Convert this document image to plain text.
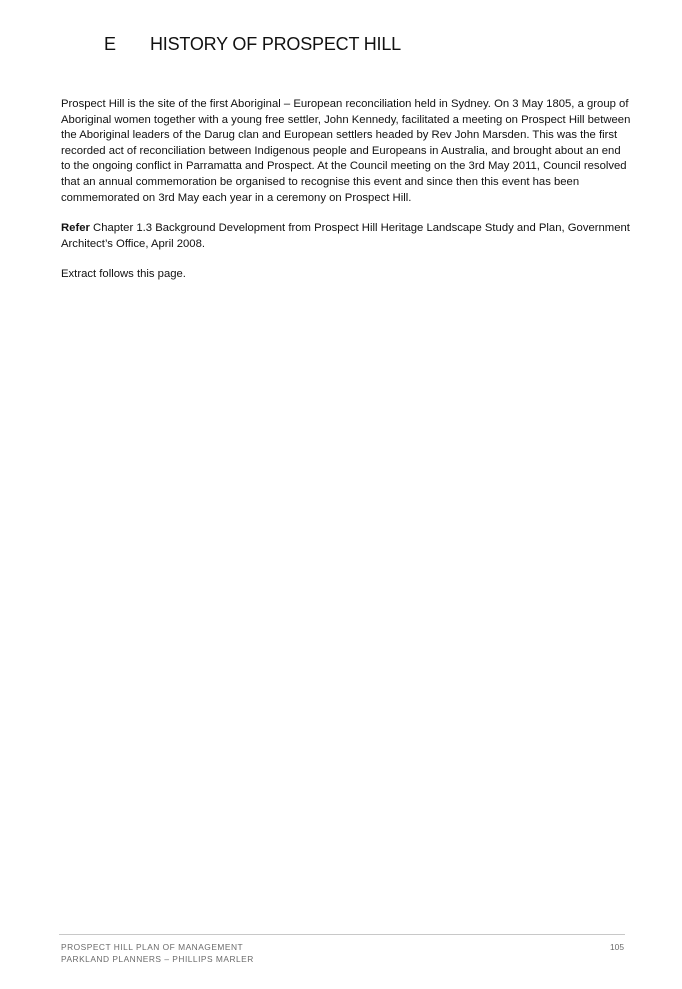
E HISTORY OF PROSPECT HILL

Prospect Hill is the site of the first Aboriginal – European reconciliation held in Sydney. On 3 May 1805, a group of Aboriginal women together with a young free settler, John Kennedy, facilitated a meeting on Prospect Hill between the Aboriginal leaders of the Darug clan and European settlers headed by Rev John Marsden. This was the first recorded act of reconciliation between Indigenous people and Europeans in Australia, and brought about an end to the ongoing conflict in Parramatta and Prospect. At the Council meeting on the 3rd May 2011, Council resolved that an annual commemoration be organised to recognise this event and since then this event has been commemorated on 3rd May each year in a ceremony on Prospect Hill.

Refer Chapter 1.3 Background Development from Prospect Hill Heritage Landscape Study and Plan, Government Architect’s Office, April 2008.

Extract follows this page.

PROSPECT HILL PLAN OF MANAGEMENT
PARKLAND PLANNERS – PHILLIPS MARLER
105
